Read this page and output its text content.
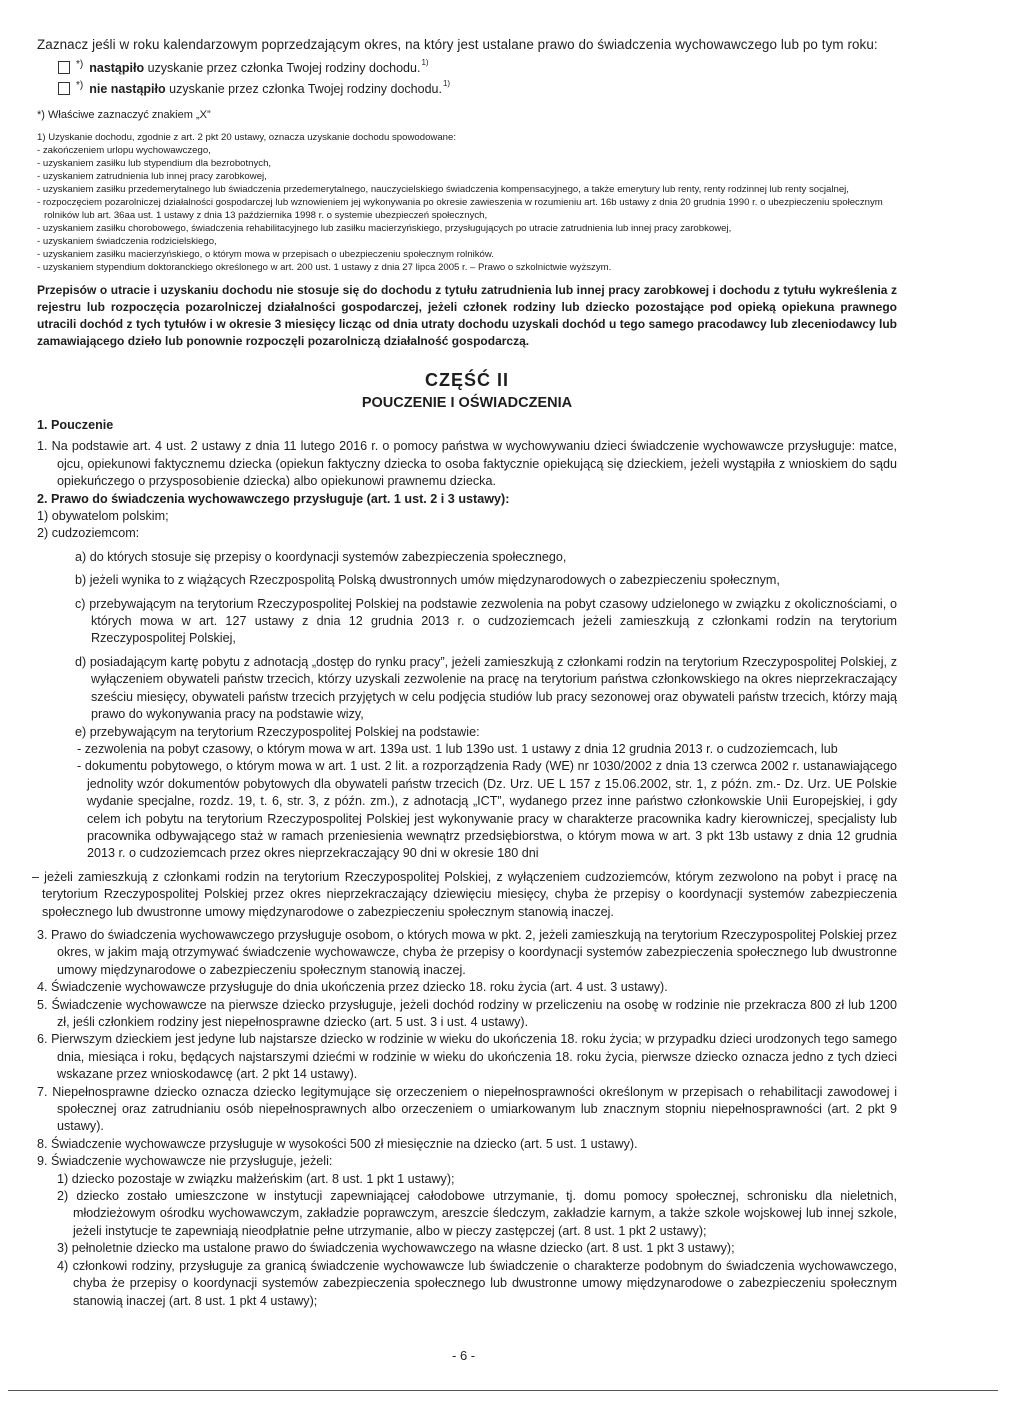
Zaznacz jeśli w roku kalendarzowym poprzedzającym okres, na który jest ustalane prawo do świadczenia wychowawczego lub po tym roku:
*) nastąpiło
uzyskanie przez członka Twojej rodziny dochodu. 1)
*) nie nastąpiło
uzyskanie przez członka Twojej rodziny dochodu. 1)
*) Właściwe zaznaczyć znakiem „X”

1) Uzyskanie dochodu, zgodnie z art. 2 pkt 20 ustawy, oznacza uzyskanie dochodu spowodowane:

- zakończeniem urlopu wychowawczego,

- uzyskaniem zasiłku lub stypendium dla bezrobotnych,

- uzyskaniem zatrudnienia lub innej pracy zarobkowej,

- uzyskaniem zasiłku przedemerytalnego lub świadczenia przedemerytalnego, nauczycielskiego świadczenia kompensacyjnego, a także emerytury lub renty, renty rodzinnej lub renty socjalnej,

- rozpoczęciem pozarolniczej działalności gospodarczej lub wznowieniem jej wykonywania po okresie zawieszenia w rozumieniu art. 16b ustawy z dnia 20 grudnia 1990 r. o ubezpieczeniu społecznym rolników lub art. 36aa ust. 1 ustawy z dnia 13 października 1998 r. o systemie ubezpieczeń społecznych,

- uzyskaniem zasiłku chorobowego, świadczenia rehabilitacyjnego lub zasiłku macierzyńskiego, przysługujących po utracie zatrudnienia lub innej pracy zarobkowej,

- uzyskaniem świadczenia rodzicielskiego,

- uzyskaniem zasiłku macierzyńskiego, o którym mowa w przepisach o ubezpieczeniu społecznym rolników.

- uzyskaniem stypendium doktoranckiego określonego w art. 200 ust. 1 ustawy z dnia 27 lipca 2005 r. – Prawo o szkolnictwie wyższym.

Przepisów o utracie i uzyskaniu dochodu nie stosuje się do dochodu z tytułu zatrudnienia lub innej pracy zarobkowej i dochodu z tytułu wykreślenia z rejestru lub rozpoczęcia pozarolniczej działalności gospodarczej, jeżeli członek rodziny lub dziecko pozostające pod opieką opiekuna prawnego utracili dochód z tych tytułów i w okresie 3 miesięcy licząc od dnia utraty dochodu uzyskali dochód u tego samego pracodawcy lub zleceniodawcy lub zamawiającego dzieło lub ponownie rozpoczęli pozarolniczą działalność gospodarczą.
CZĘŚĆ II
POUCZENIE I OŚWIADCZENIA

1. Pouczenie

1. Na podstawie art. 4 ust. 2 ustawy z dnia 11 lutego 2016 r. o pomocy państwa w wychowywaniu dzieci świadczenie wychowawcze przysługuje: matce, ojcu, opiekunowi faktycznemu dziecka (opiekun faktyczny dziecka to osoba faktycznie opiekującą się dzieckiem, jeżeli wystąpiła z wnioskiem do sądu opiekuńczego o przysposobienie dziecka) albo opiekunowi prawnemu dziecka.

2. Prawo do świadczenia wychowawczego przysługuje (art. 1 ust. 2 i 3 ustawy):

1) obywatelom polskim;

2) cudzoziemcom:

a) do których stosuje się przepisy o koordynacji systemów zabezpieczenia społecznego,

b) jeżeli wynika to z wiążących Rzeczpospolitą Polską dwustronnych umów międzynarodowych o zabezpieczeniu społecznym,

c) przebywającym na terytorium Rzeczypospolitej Polskiej na podstawie zezwolenia na pobyt czasowy udzielonego w związku z okolicznościami, o których mowa w art. 127 ustawy z dnia 12 grudnia 2013 r. o cudzoziemcach jeżeli zamieszkują z członkami rodzin na terytorium Rzeczypospolitej Polskiej,

d) posiadającym kartę pobytu z adnotacją „dostęp do rynku pracy”, jeżeli zamieszkują z członkami rodzin na terytorium Rzeczypospolitej Polskiej, z wyłączeniem obywateli państw trzecich, którzy uzyskali zezwolenie na pracę na terytorium państwa członkowskiego na okres nieprzekraczający sześciu miesięcy, obywateli państw trzecich przyjętych w celu podjęcia studiów lub pracy sezonowej oraz obywateli państw trzecich, którzy mają prawo do wykonywania pracy na podstawie wizy,

e) przebywającym na terytorium Rzeczypospolitej Polskiej na podstawie:

- zezwolenia na pobyt czasowy, o którym mowa w art. 139a ust. 1 lub 139o ust. 1 ustawy z dnia 12 grudnia 2013 r. o cudzoziemcach, lub

- dokumentu pobytowego, o którym mowa w art. 1 ust. 2 lit. a rozporządzenia Rady (WE) nr 1030/2002 z dnia 13 czerwca 2002 r. ustanawiającego jednolity wzór dokumentów pobytowych dla obywateli państw trzecich (Dz. Urz. UE L 157 z 15.06.2002, str. 1, z późn. zm.- Dz. Urz. UE Polskie wydanie specjalne, rozdz. 19, t. 6, str. 3, z późn. zm.), z adnotacją „ICT”, wydanego przez inne państwo członkowskie Unii Europejskiej, i gdy celem ich pobytu na terytorium Rzeczypospolitej Polskiej jest wykonywanie pracy w charakterze pracownika kadry kierowniczej, specjalisty lub pracownika odbywającego staż w ramach przeniesienia wewnątrz przedsiębiorstwa, o którym mowa w art. 3 pkt 13b ustawy z dnia 12 grudnia 2013 r. o cudzoziemcach przez okres nieprzekraczający 90 dni w okresie 180 dni

– jeżeli zamieszkują z członkami rodzin na terytorium Rzeczypospolitej Polskiej, z wyłączeniem cudzoziemców, którym zezwolono na pobyt i pracę na terytorium Rzeczypospolitej Polskiej przez okres nieprzekraczający dziewięciu miesięcy, chyba że przepisy o koordynacji systemów zabezpieczenia społecznego lub dwustronne umowy międzynarodowe o zabezpieczeniu społecznym stanowią inaczej.

3. Prawo do świadczenia wychowawczego przysługuje osobom, o których mowa w pkt. 2, jeżeli zamieszkują na terytorium Rzeczypospolitej Polskiej przez okres, w jakim mają otrzymywać świadczenie wychowawcze, chyba że przepisy o koordynacji systemów zabezpieczenia społecznego lub dwustronne umowy międzynarodowe o zabezpieczeniu społecznym stanowią inaczej.

4. Świadczenie wychowawcze przysługuje do dnia ukończenia przez dziecko 18. roku życia (art. 4 ust. 3 ustawy).

5. Świadczenie wychowawcze na pierwsze dziecko przysługuje, jeżeli dochód rodziny w przeliczeniu na osobę w rodzinie nie przekracza 800 zł lub 1200 zł, jeśli członkiem rodziny jest niepełnosprawne dziecko (art. 5 ust. 3 i ust. 4 ustawy).

6. Pierwszym dzieckiem jest jedyne lub najstarsze dziecko w rodzinie w wieku do ukończenia 18. roku życia; w przypadku dzieci urodzonych tego samego dnia, miesiąca i roku, będących najstarszymi dziećmi w rodzinie w wieku do ukończenia 18. roku życia, pierwsze dziecko oznacza jedno z tych dzieci wskazane przez wnioskodawcę (art. 2 pkt 14 ustawy).

7. Niepełnosprawne dziecko oznacza dziecko legitymujące się orzeczeniem o niepełnosprawności określonym w przepisach o rehabilitacji zawodowej i społecznej oraz zatrudnianiu osób niepełnosprawnych albo orzeczeniem o umiarkowanym lub znacznym stopniu niepełnosprawności (art. 2 pkt 9 ustawy).

8. Świadczenie wychowawcze przysługuje w wysokości 500 zł miesięcznie na dziecko (art. 5 ust. 1 ustawy).

9. Świadczenie wychowawcze nie przysługuje, jeżeli:

1) dziecko pozostaje w związku małżeńskim (art. 8 ust. 1 pkt 1 ustawy);

2) dziecko zostało umieszczone w instytucji zapewniającej całodobowe utrzymanie, tj. domu pomocy społecznej, schronisku dla nieletnich, młodzieżowym ośrodku wychowawczym, zakładzie poprawczym, areszcie śledczym, zakładzie karnym, a także szkole wojskowej lub innej szkole, jeżeli instytucje te zapewniają nieodpłatnie pełne utrzymanie, albo w pieczy zastępczej (art. 8 ust. 1 pkt 2 ustawy);

3) pełnoletnie dziecko ma ustalone prawo do świadczenia wychowawczego na własne dziecko (art. 8 ust. 1 pkt 3 ustawy);

4) członkowi rodziny, przysługuje za granicą świadczenie wychowawcze lub świadczenie o charakterze podobnym do świadczenia wychowawczego, chyba że przepisy o koordynacji systemów zabezpieczenia społecznego lub dwustronne umowy międzynarodowe o zabezpieczeniu społecznym stanowią inaczej (art. 8 ust. 1 pkt 4 ustawy);

- 6 -
